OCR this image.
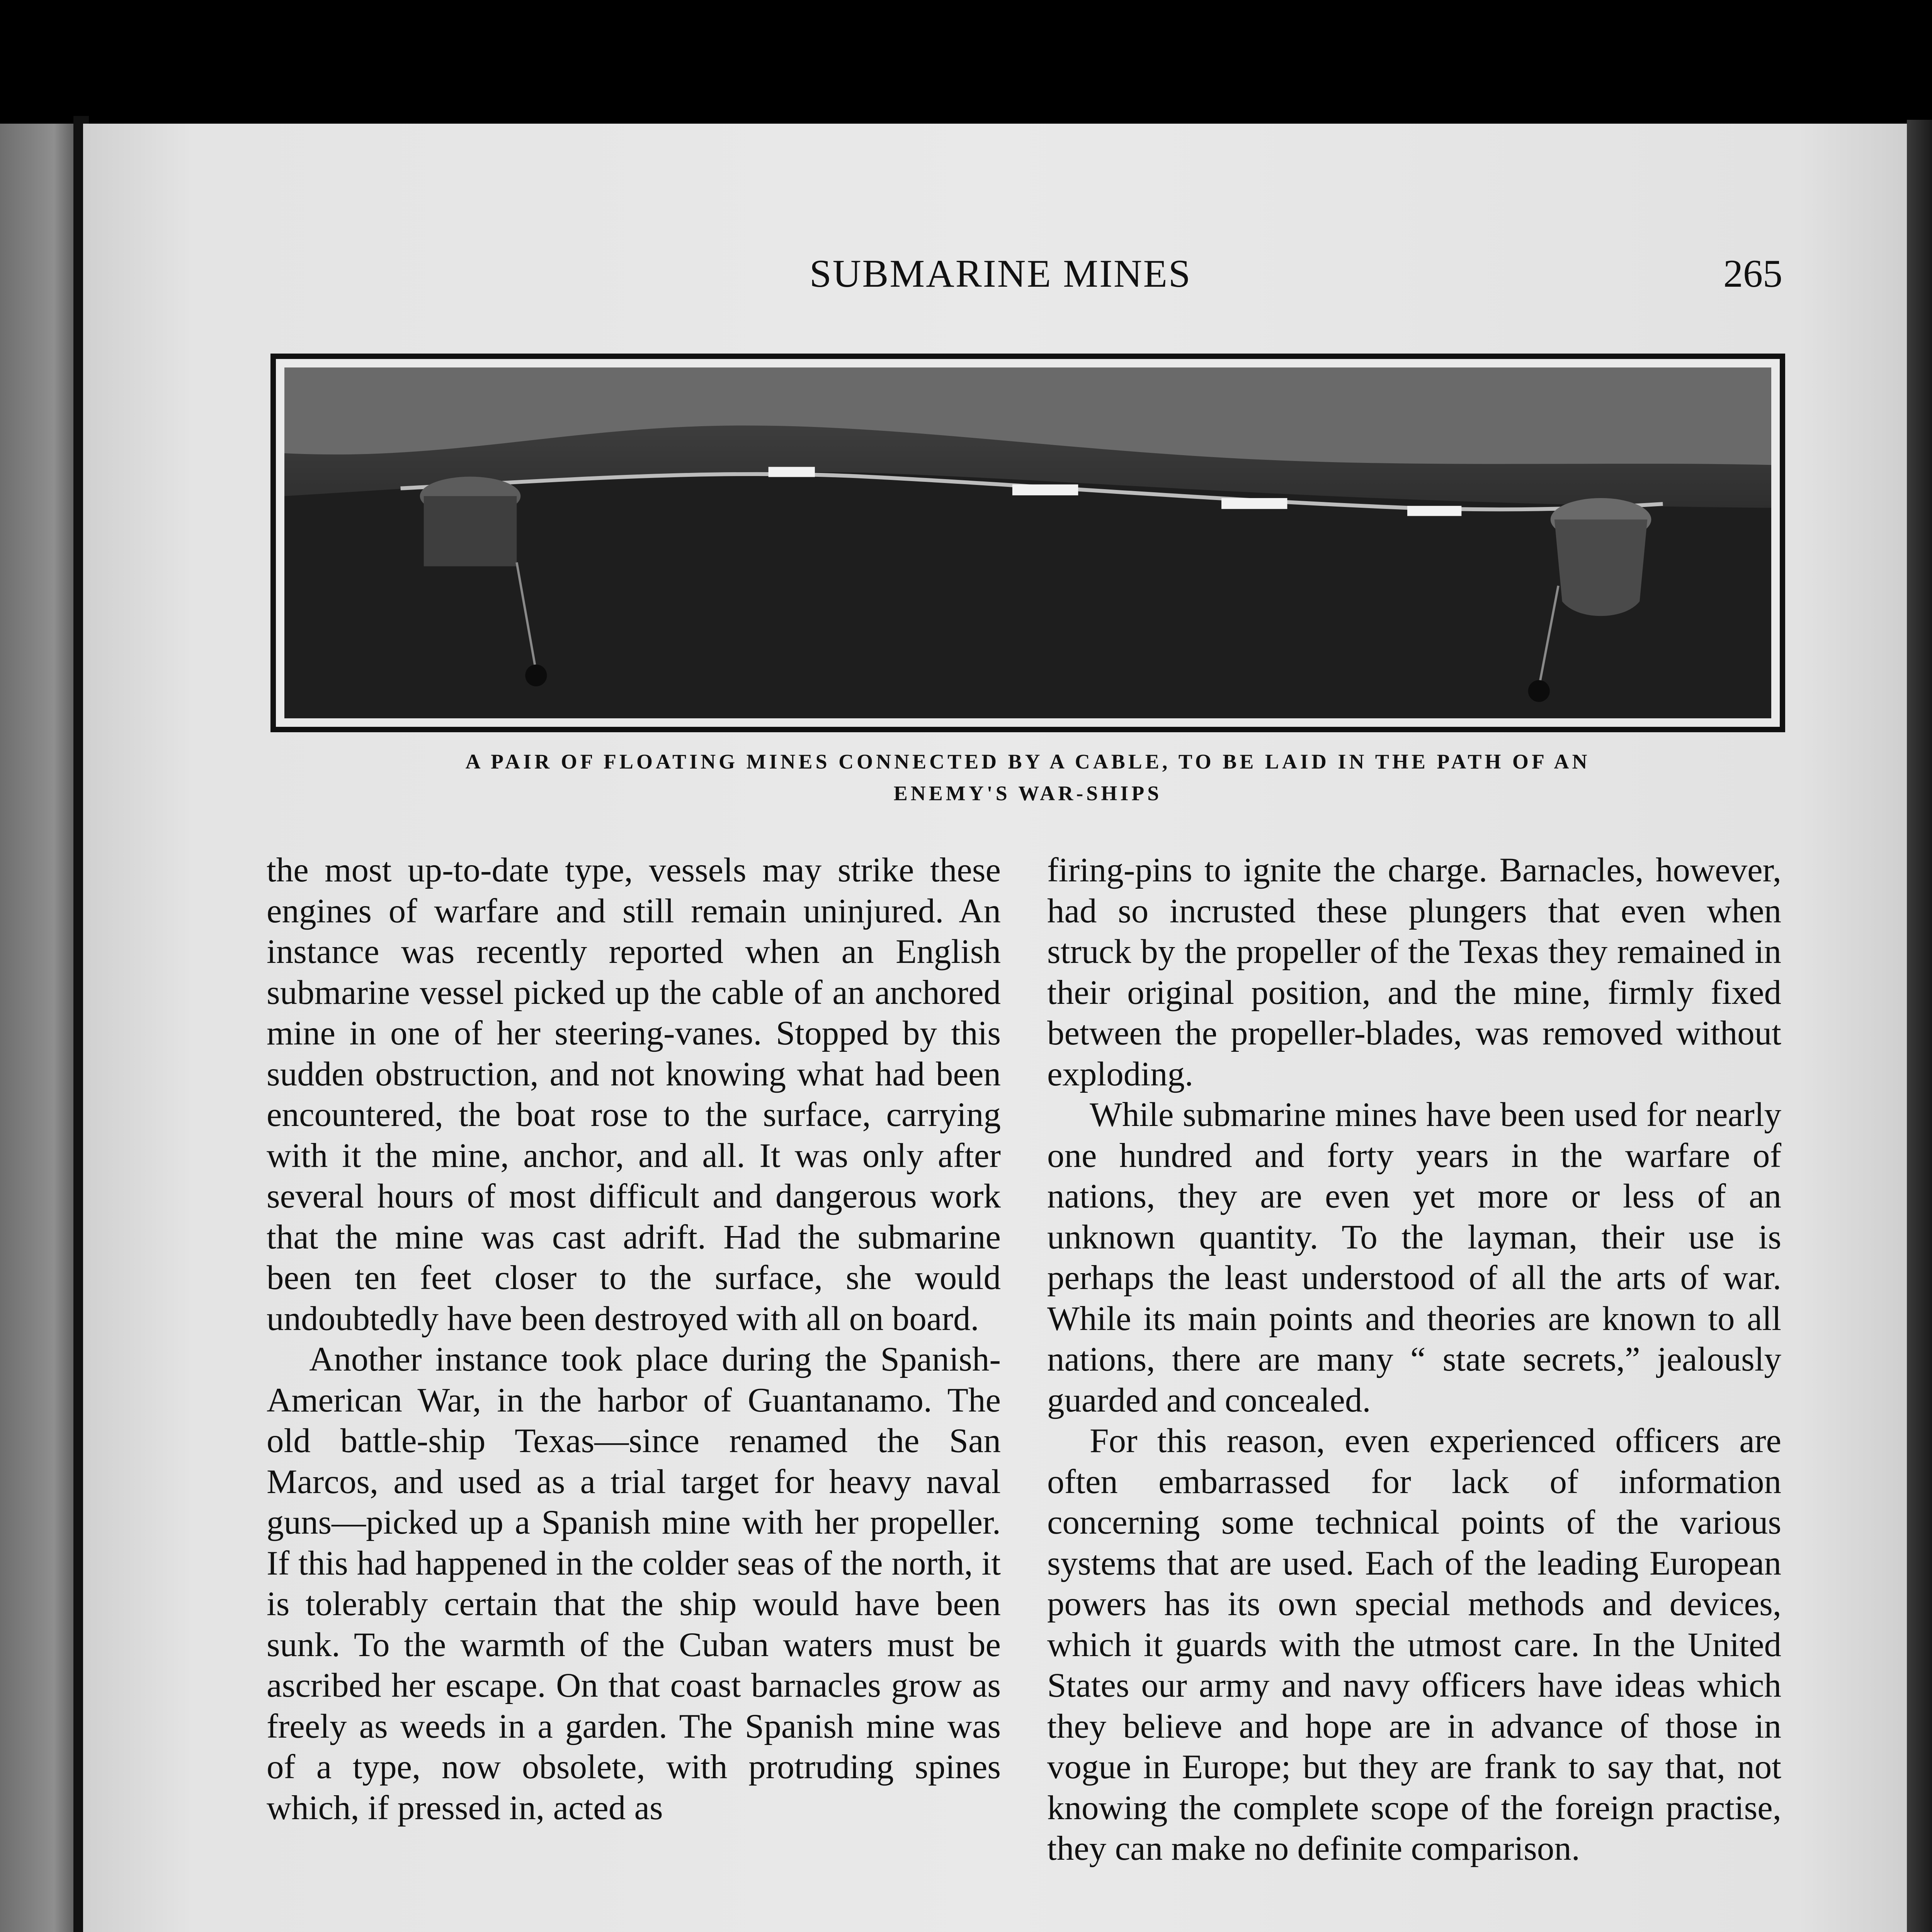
SUBMARINE MINES	265
A PAIR OF FLOATING MINES CONNECTED BY A CABLE, TO BE LAID IN THE PATH OF AN
ENEMY'S WAR-SHIPS

the most up-to-date type, vessels may strike these engines of warfare and still remain uninjured. An instance was recently reported when an English submarine vessel picked up the cable of an anchored mine in one of her steering-vanes. Stopped by this sudden obstruction, and not knowing what had been encountered, the boat rose to the surface, carrying with it the mine, anchor, and all. It was only after several hours of most difficult and dangerous work that the mine was cast adrift. Had the submarine been ten feet closer to the surface, she would undoubtedly have been destroyed with all on board.

Another instance took place during the Spanish-American War, in the harbor of Guantanamo. The old battle-ship Texas—since renamed the San Marcos, and used as a trial target for heavy naval guns—picked up a Spanish mine with her propeller. If this had happened in the colder seas of the north, it is tolerably certain that the ship would have been sunk. To the warmth of the Cuban waters must be ascribed her escape. On that coast barnacles grow as freely as weeds in a garden. The Spanish mine was of a type, now obsolete, with protruding spines which, if pressed in, acted as

firing-pins to ignite the charge. Barnacles, however, had so incrusted these plungers that even when struck by the propeller of the Texas they remained in their original position, and the mine, firmly fixed between the propeller-blades, was removed without exploding.

While submarine mines have been used for nearly one hundred and forty years in the warfare of nations, they are even yet more or less of an unknown quantity. To the layman, their use is perhaps the least understood of all the arts of war. While its main points and theories are known to all nations, there are many “ state secrets,” jealously guarded and concealed.

For this reason, even experienced officers are often embarrassed for lack of information concerning some technical points of the various systems that are used. Each of the leading European powers has its own special methods and devices, which it guards with the utmost care. In the United States our army and navy officers have ideas which they believe and hope are in advance of those in vogue in Europe; but they are frank to say that, not knowing the complete scope of the foreign practise, they can make no definite comparison.
